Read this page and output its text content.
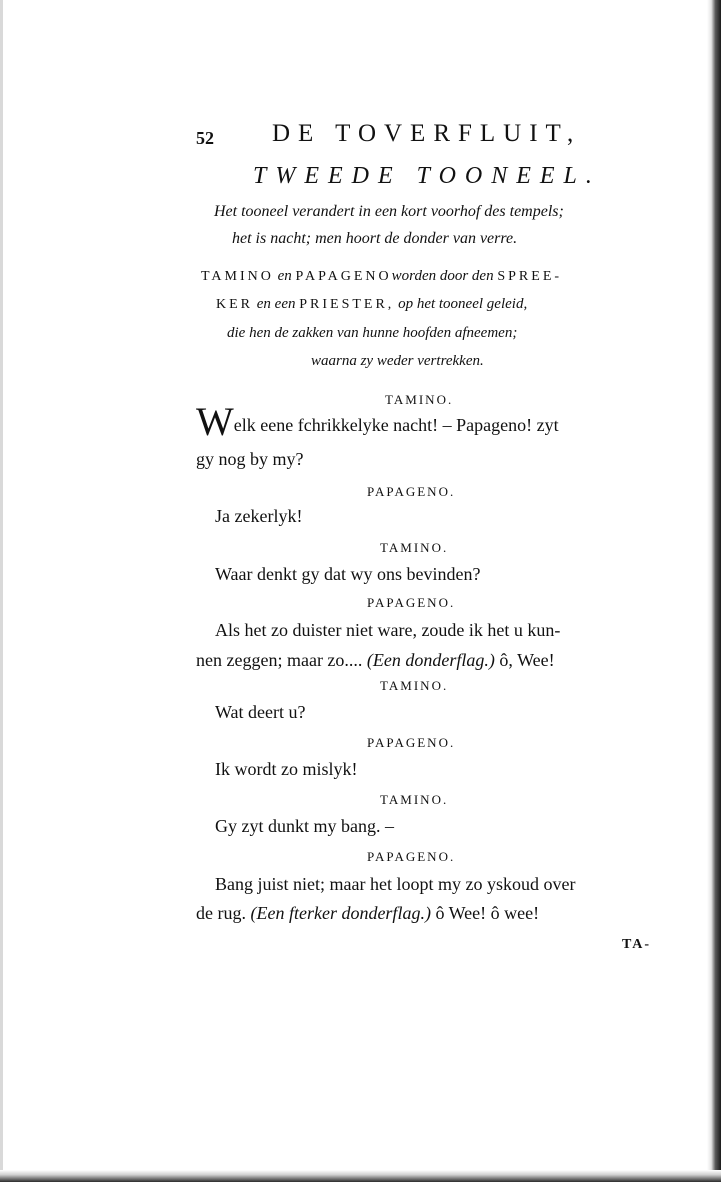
52 DE TOVERFLUIT,
TWEEDE TOONEEL.
Het tooneel verandert in een kort voorhof des tempels;
het is nacht; men hoort de donder van verre.
TAMINO en PAPAGENOworden door den SPREE-
KER en een PRIESTER, op het tooneel geleid,
die hen de zakken van hunne hoofden afneemen;
waarna zy weder vertrekken.
TAMINO.
Welk eene fchrikkelyke nacht! – Papageno! zyt
gy nog by my?
PAPAGENO.
Ja zekerlyk!
TAMINO.
Waar denkt gy dat wy ons bevinden?
PAPAGENO.
Als het zo duister niet ware, zoude ik het u kun-
nen zeggen; maar zo.... (Een donderflag.) ô, Wee!
TAMINO.
Wat deert u?
PAPAGENO.
Ik wordt zo mislyk!
TAMINO.
Gy zyt dunkt my bang. –
PAPAGENO.
Bang juist niet; maar het loopt my zo yskoud over
de rug. (Een fterker donderflag.) ô Wee! ô wee!
TA-
